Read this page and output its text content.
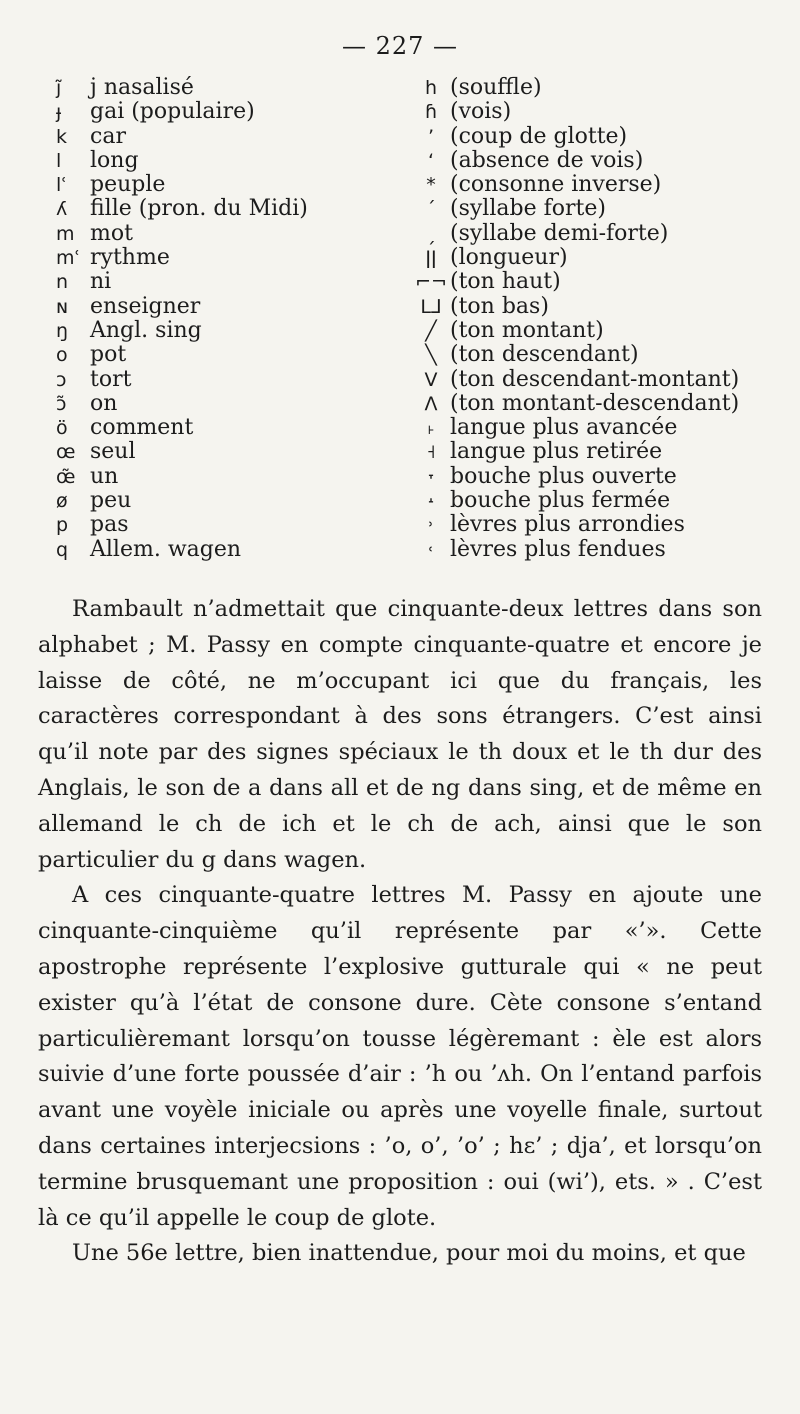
— 227 —
ȷ̃ j nasalisé
ɟ gai (populaire)
k car
l long
lʿ peuple
ʎ fille (pron. du Midi)
m mot
mʿ rythme
n ni
ɴ enseigner
ŋ Angl. sing
o pot
ɔ tort
ɔ̃ on
ö comment
œ seul
œ̃ un
ø peu
p pas
q Allem. wagen
h (souffle)
ɦ (vois)
’ (coup de glotte)
‘ (absence de vois)
* (consonne inverse)
ˊ (syllabe forte)
ˏ (syllabe demi-forte)
ǀǀ (longueur)
⌐¬ (ton haut)
L⅃ (ton bas)
╱ (ton montant)
╲ (ton descendant)
V (ton descendant-montant)
Λ (ton montant-descendant)
˫ langue plus avancée
˧ langue plus retirée
˕ bouche plus ouverte
˔ bouche plus fermée
˒ lèvres plus arrondies
˓ lèvres plus fendues

Rambault n’admettait que cinquante-deux lettres dans son alphabet ; M. Passy en compte cinquante-quatre et encore je laisse de côté, ne m’occupant ici que du français, les caractères correspondant à des sons étrangers. C’est ainsi qu’il note par des signes spéciaux le th doux et le th dur des Anglais, le son de a dans all et de ng dans sing, et de même en allemand le ch de ich et le ch de ach, ainsi que le son particulier du g dans wagen.

A ces cinquante-quatre lettres M. Passy en ajoute une cinquante-cinquième qu’il représente par «’». Cette apostrophe représente l’explosive gutturale qui « ne peut exister qu’à l’état de consone dure. Cète consone s’entand particulièremant lorsqu’on tousse légèremant : èle est alors suivie d’une forte poussée d’air : ’h ou ’ʌh. On l’entand parfois avant une voyèle iniciale ou après une voyelle finale, surtout dans certaines interjecsions : ’o, o’, ’o’ ; hɛ’ ; dja’, et lorsqu’on termine brusquemant une proposition : oui (wi’), ets. » . C’est là ce qu’il appelle le coup de glote.

Une 56e lettre, bien inattendue, pour moi du moins, et que
